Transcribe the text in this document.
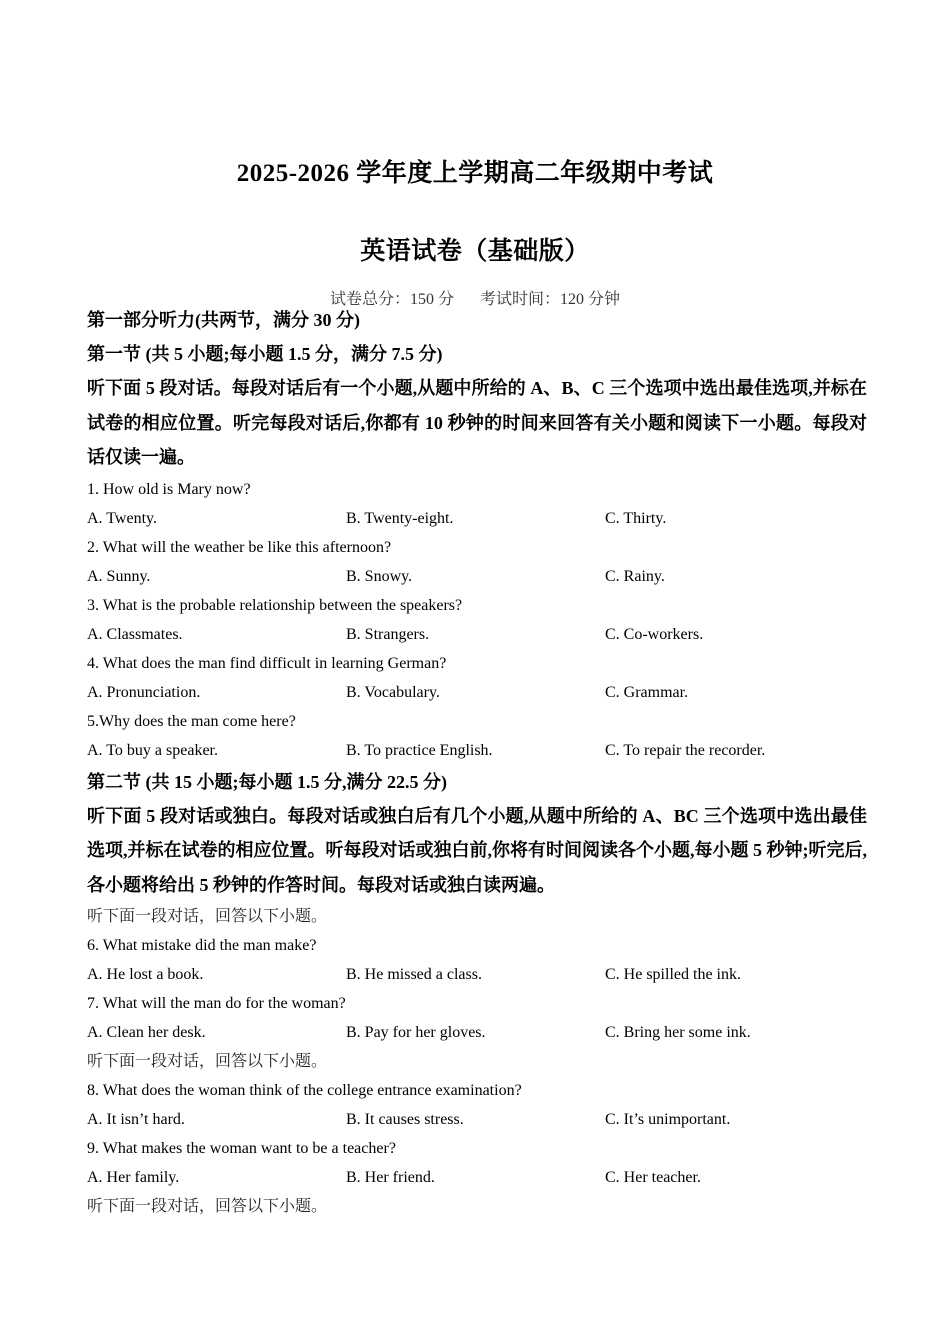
2025-2026 学年度上学期高二年级期中考试
英语试卷（基础版）
试卷总分：150 分 考试时间：120 分钟

第一部分听力(共两节，满分 30 分)

第一节 (共 5 小题;每小题 1.5 分，满分 7.5 分)

听下面 5 段对话。每段对话后有一个小题,从题中所给的 A、B、C 三个选项中选出最佳选项,并标在试卷的相应位置。听完每段对话后,你都有 10 秒钟的时间来回答有关小题和阅读下一小题。每段对话仅读一遍。

1. How old is Mary now?

A. Twenty.	B. Twenty-eight.	C. Thirty.

2. What will the weather be like this afternoon?

A. Sunny.	B. Snowy.	C. Rainy.

3. What is the probable relationship between the speakers?

A. Classmates.	B. Strangers.	C. Co-workers.

4. What does the man find difficult in learning German?

A. Pronunciation.	B. Vocabulary.	C. Grammar.

5.Why does the man come here?

A. To buy a speaker.	B. To practice English.	C. To repair the recorder.

第二节 (共 15 小题;每小题 1.5 分,满分 22.5 分)

听下面 5 段对话或独白。每段对话或独白后有几个小题,从题中所给的 A、BC 三个选项中选出最佳选项,并标在试卷的相应位置。听每段对话或独白前,你将有时间阅读各个小题,每小题 5 秒钟;听完后,各小题将给出 5 秒钟的作答时间。每段对话或独白读两遍。

听下面一段对话，回答以下小题。

6. What mistake did the man make?

A. He lost a book.	B. He missed a class.	C. He spilled the ink.

7. What will the man do for the woman?

A. Clean her desk.	B. Pay for her gloves.	C. Bring her some ink.

听下面一段对话，回答以下小题。

8. What does the woman think of the college entrance examination?

A. It isn’t hard.	B. It causes stress.	C. It’s unimportant.

9. What makes the woman want to be a teacher?

A. Her family.	B. Her friend.	C. Her teacher.

听下面一段对话，回答以下小题。
